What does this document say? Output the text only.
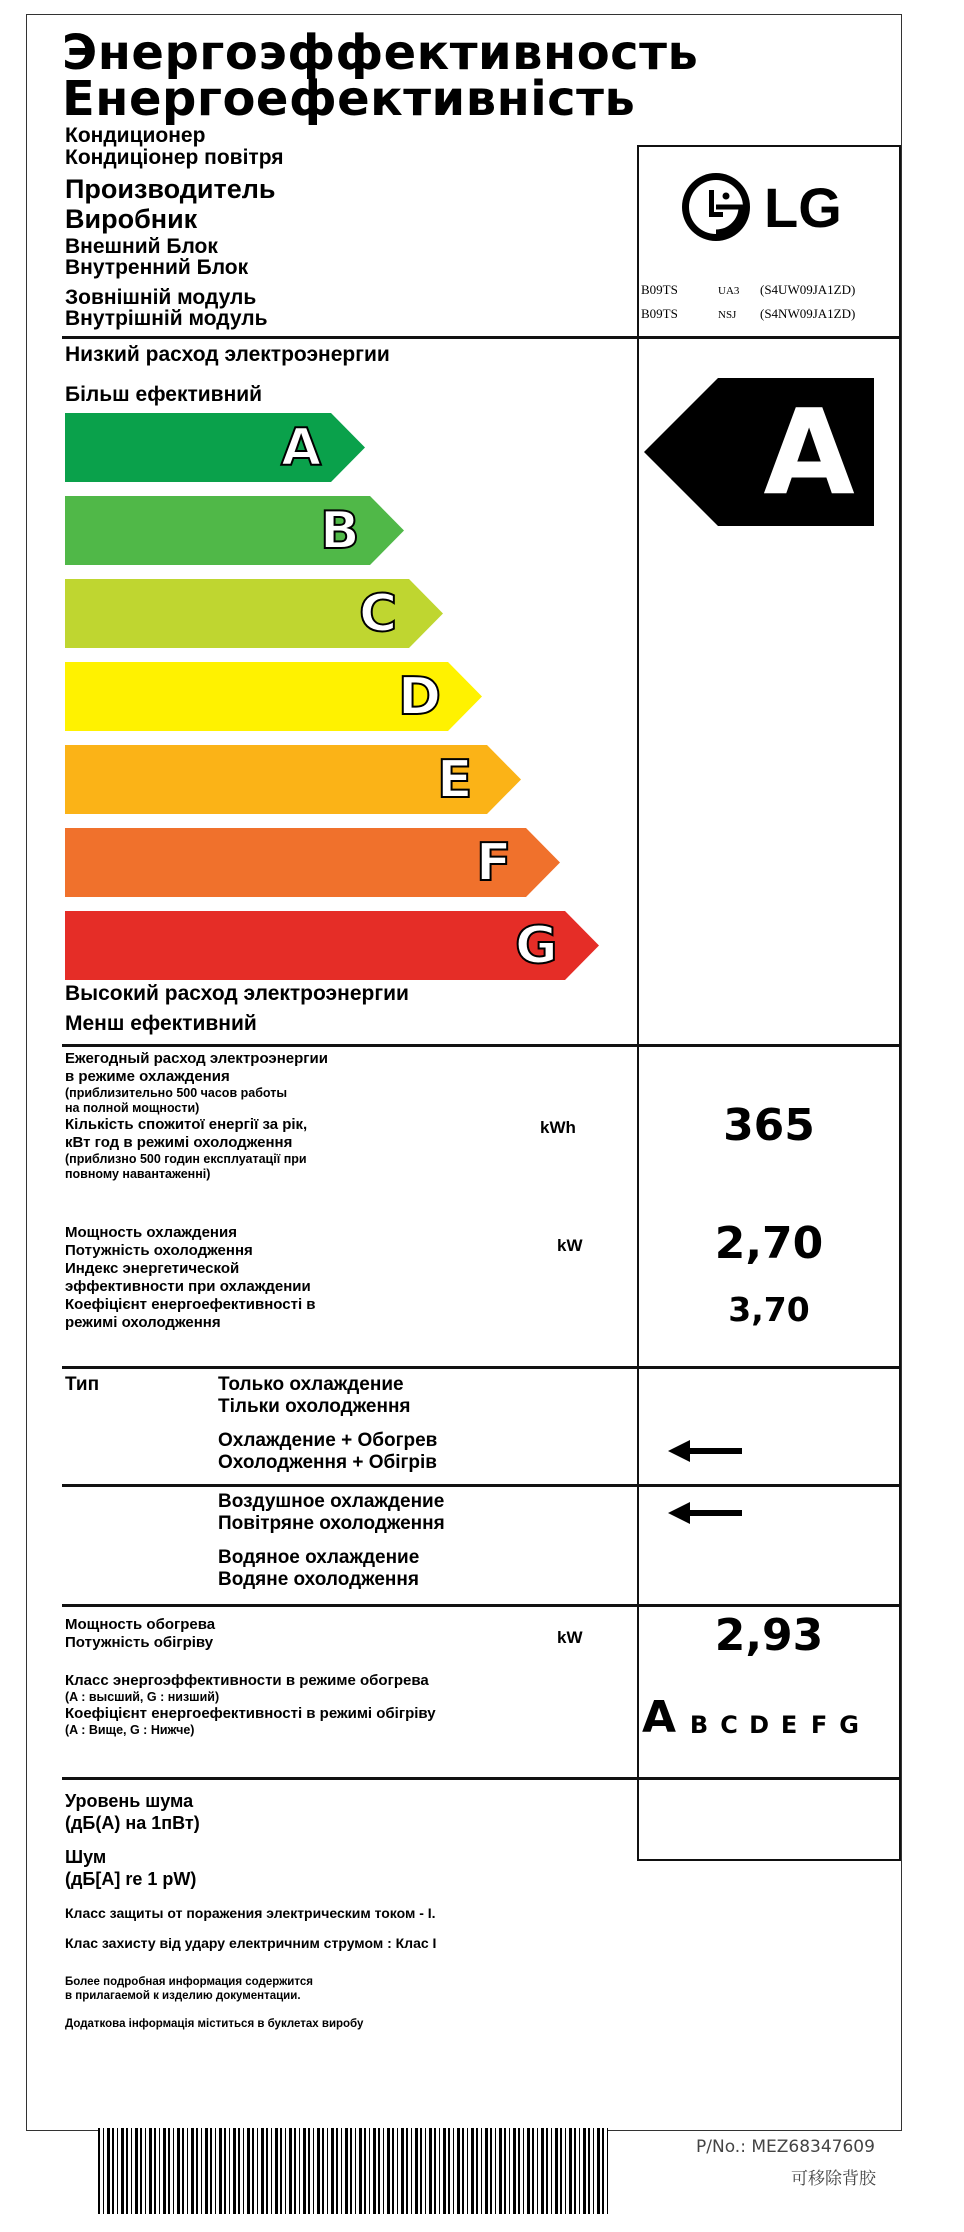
Энергоэффективность
Енергоефективність
Кондиционер
Кондиціонер повітря
Производитель
Виробник
Внешний Блок
Внутренний Блок
Зовнішній модуль
Внутрішній модуль
LG
B09TS	UA3 (S4UW09JA1ZD)
B09TS	NSJ (S4NW09JA1ZD)
Низкий расход электроэнергии
Більш ефективний
A
B
C
D
E
F
G
A
Высокий расход электроэнергии
Менш ефективний
Ежегодный расход электроэнергии
в режиме охлаждения
(приблизительно 500 часов работы
на полной мощности)
Кількість спожитої енергії за рік,
кВт год в режимі охолодження
(приблизно 500 годин експлуатації при
повному навантаженні)
kWh	365
Мощность охлаждения
Потужність охолодження
Индекс энергетической
эффективности при охлаждении
Коефіцієнт енергоефективності в
режимі охолодження
kW	2,70
3,70
Тип	Только охлаждение
Тільки охолодження
Охлаждение + Обогрев
Охолодження + Обігрів
Воздушное охлаждение
Повітряне охолодження
Водяное охлаждение
Водяне охолодження
Мощность обогрева
Потужність обігріву	kW	2,93
Класс энергоэффективности в режиме обогрева
(A : высший, G : низший)
Коефіцієнт енергоефективності в режимі обігріву
(A : Вище, G : Нижче)	A B C D E F G
Уровень шума
(дБ(А) на 1пВт)
Шум
(дБ[A] re 1 pW)
Класс защиты от поражения электрическим током - I.
Клас захисту від удару електричним струмом : Клас I
Более подробная информация содержится
в прилагаемой к изделию документации.
Додаткова інформація міститься в буклетах виробу
P/No.: MEZ68347609
可移除背胶
